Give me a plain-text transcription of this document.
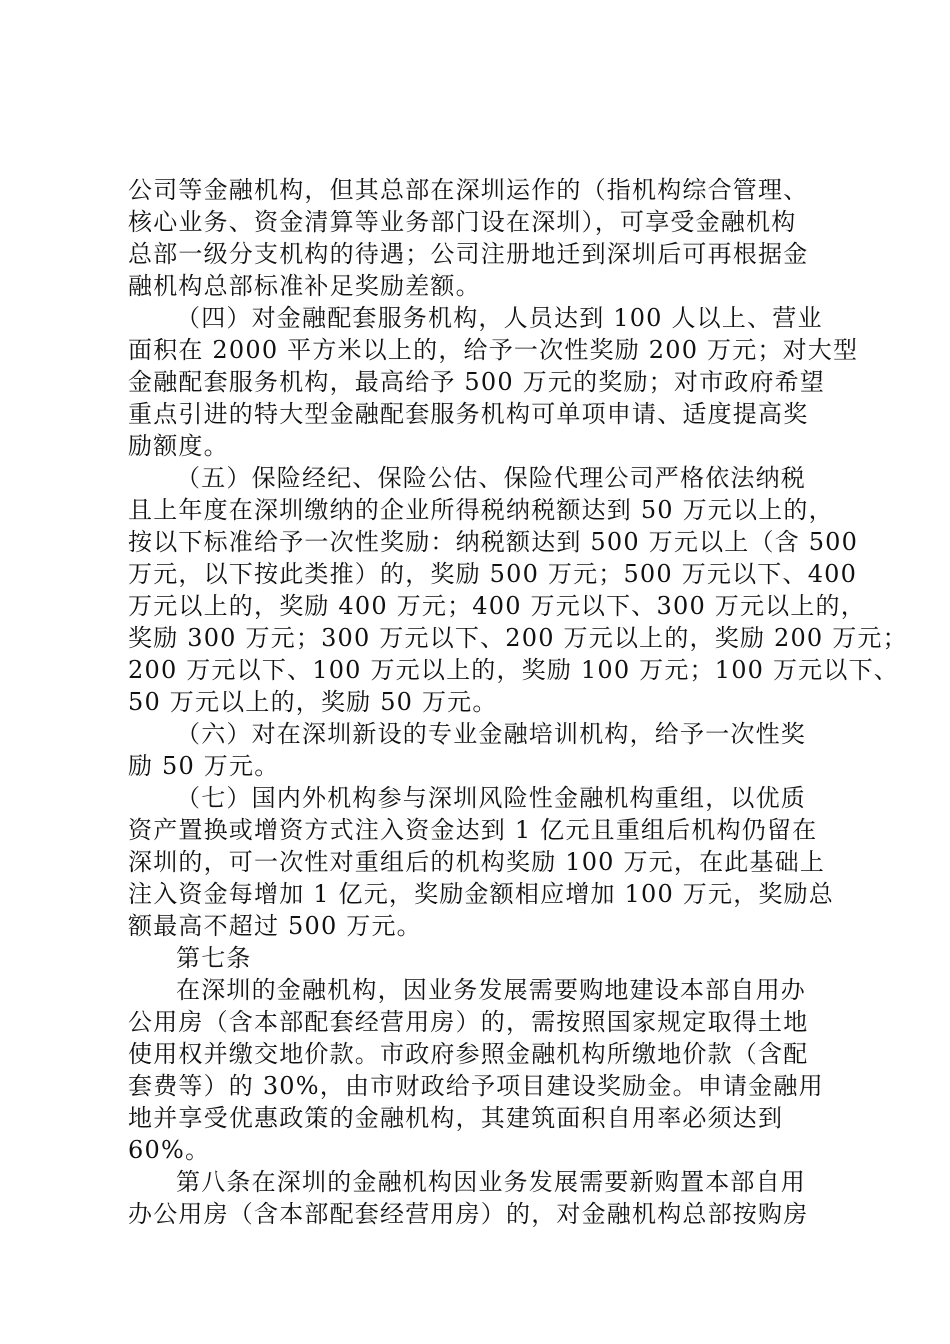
公司等金融机构，但其总部在深圳运作的（指机构综合管理、
核心业务、资金清算等业务部门设在深圳），可享受金融机构
总部一级分支机构的待遇；公司注册地迁到深圳后可再根据金
融机构总部标准补足奖励差额。
（四）对金融配套服务机构，人员达到 100 人以上、营业
面积在 2000 平方米以上的，给予一次性奖励 200 万元；对大型
金融配套服务机构，最高给予 500 万元的奖励；对市政府希望
重点引进的特大型金融配套服务机构可单项申请、适度提高奖
励额度。
（五）保险经纪、保险公估、保险代理公司严格依法纳税
且上年度在深圳缴纳的企业所得税纳税额达到 50 万元以上的，
按以下标准给予一次性奖励：纳税额达到 500 万元以上（含 500
万元，以下按此类推）的，奖励 500 万元；500 万元以下、400
万元以上的，奖励 400 万元；400 万元以下、300 万元以上的，
奖励 300 万元；300 万元以下、200 万元以上的，奖励 200 万元；
200 万元以下、100 万元以上的，奖励 100 万元；100 万元以下、
50 万元以上的，奖励 50 万元。
（六）对在深圳新设的专业金融培训机构，给予一次性奖
励 50 万元。
（七）国内外机构参与深圳风险性金融机构重组，以优质
资产置换或增资方式注入资金达到 1 亿元且重组后机构仍留在
深圳的，可一次性对重组后的机构奖励 100 万元，在此基础上
注入资金每增加 1 亿元，奖励金额相应增加 100 万元，奖励总
额最高不超过 500 万元。
第七条
在深圳的金融机构，因业务发展需要购地建设本部自用办
公用房（含本部配套经营用房）的，需按照国家规定取得土地
使用权并缴交地价款。市政府参照金融机构所缴地价款（含配
套费等）的 30%，由市财政给予项目建设奖励金。申请金融用
地并享受优惠政策的金融机构，其建筑面积自用率必须达到
60%。
第八条在深圳的金融机构因业务发展需要新购置本部自用
办公用房（含本部配套经营用房）的，对金融机构总部按购房
